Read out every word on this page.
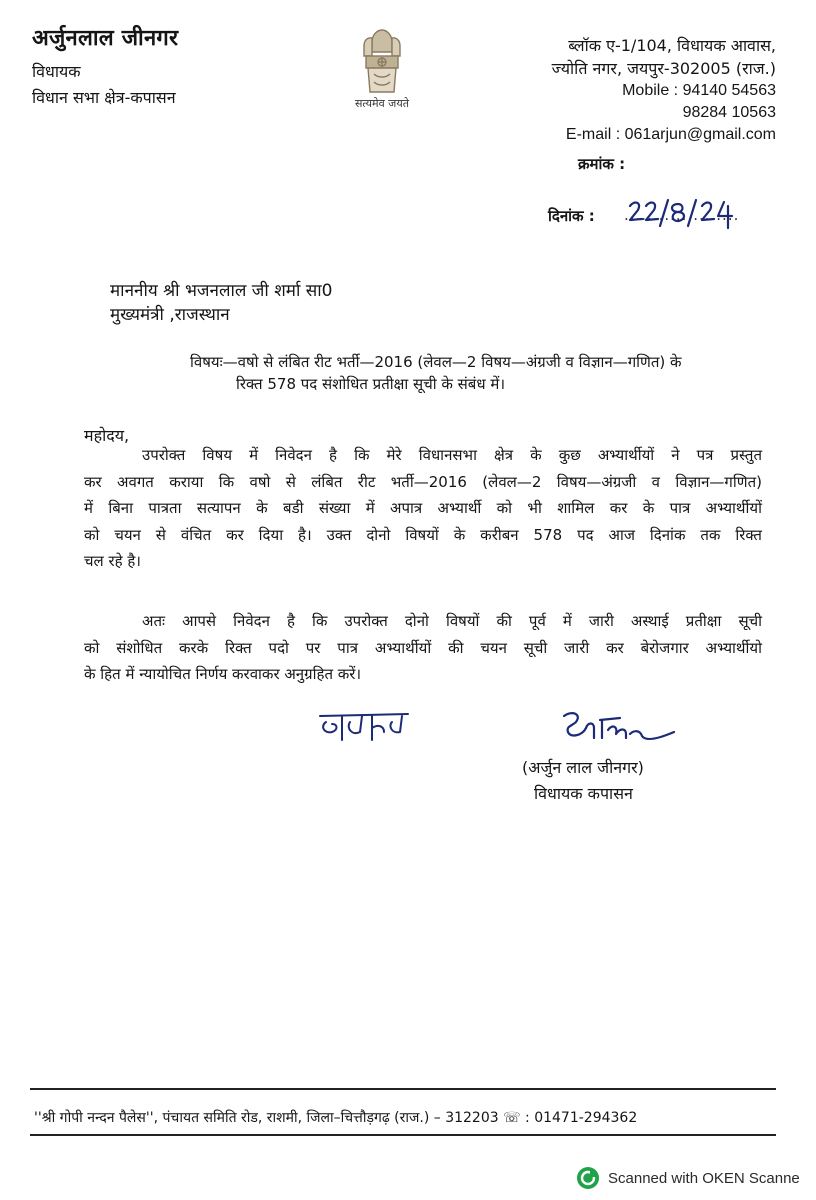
अर्जुनलाल जीनगर
विधायक
विधान सभा क्षेत्र-कपासन	सत्यमेव जयते
ब्लॉक ए-1/104, विधायक आवास,
ज्योति नगर, जयपुर-302005 (राज.)
Mobile : 94140 54563
98284 10563
E-mail : 061arjun@gmail.com
क्रमांक :
दिनांक : ....................
माननीय श्री भजनलाल जी शर्मा सा0
मुख्यमंत्री ,राजस्थान
विषयः—वषो से लंबित रीट भर्ती—2016 (लेवल—2 विषय—अंग्रजी व विज्ञान—गणित) के
रिक्त 578 पद संशोधित प्रतीक्षा सूची के संबंध में।
महोदय,
उपरोक्त विषय में निवेदन है कि मेरे विधानसभा क्षेत्र के कुछ अभ्यार्थीयों ने पत्र प्रस्तुत
कर अवगत कराया कि वषो से लंबित रीट भर्ती—2016 (लेवल—2 विषय—अंग्रजी व विज्ञान—गणित)
में बिना पात्रता सत्यापन के बडी संख्या में अपात्र अभ्यार्थी को भी शामिल कर के पात्र अभ्यार्थीयों
को चयन से वंचित कर दिया है। उक्त दोनो विषयों के करीबन 578 पद आज दिनांक तक रिक्त
चल रहे है।
अतः आपसे निवेदन है कि उपरोक्त दोनो विषयों की पूर्व में जारी अस्थाई प्रतीक्षा सूची
को संशोधित करके रिक्त पदो पर पात्र अभ्यार्थीयों की चयन सूची जारी कर बेरोजगार अभ्यार्थीयो
के हित में न्यायोचित निर्णय करवाकर अनुग्रहित करें।
(अर्जुन लाल जीनगर)
विधायक कपासन
''श्री गोपी नन्दन पैलेस'', पंचायत समिति रोड, राशमी, जिला–चित्तौड़गढ़ (राज.) – 312203 ☏ : 01471-294362
Scanned with OKEN Scanne
